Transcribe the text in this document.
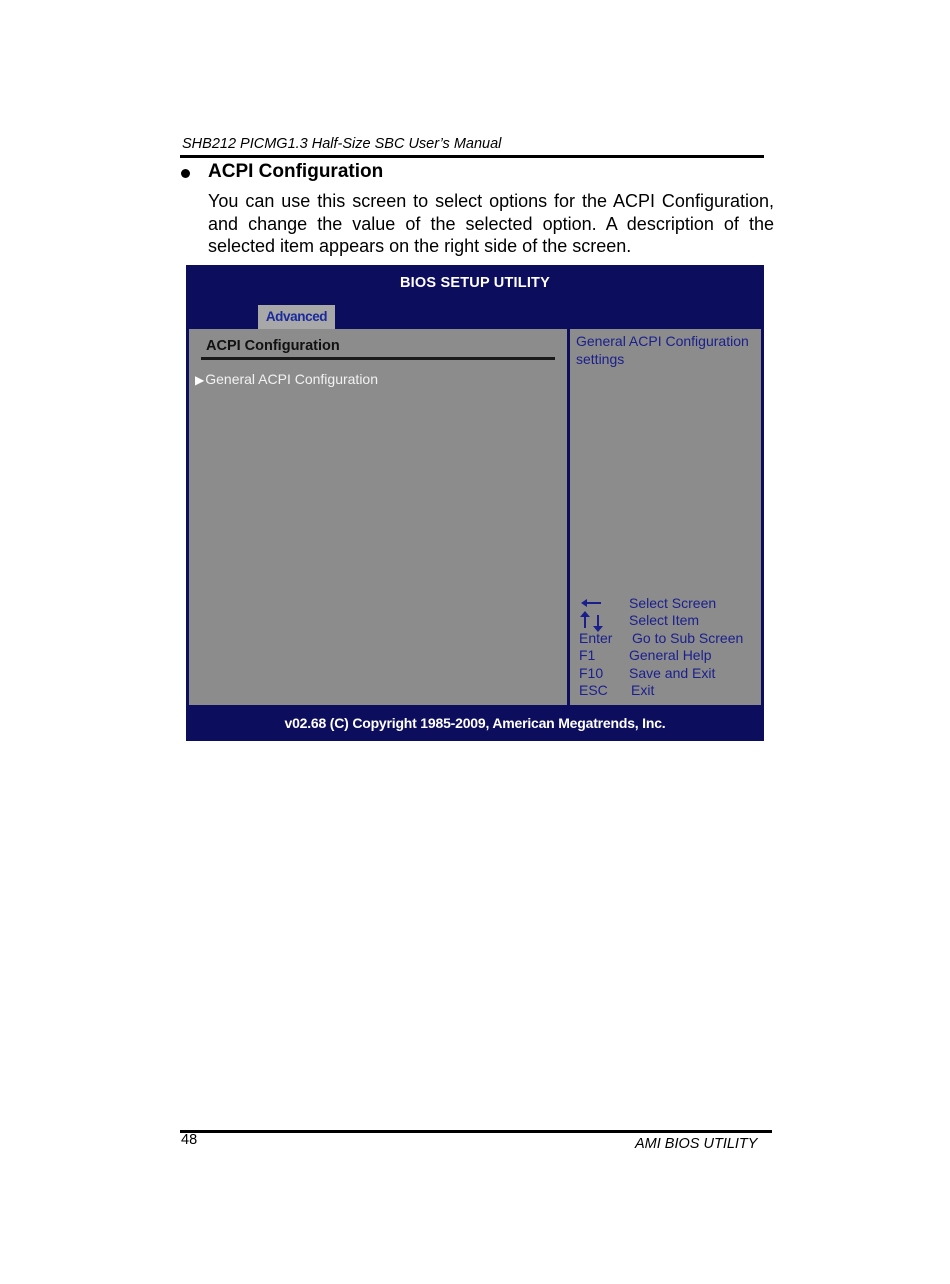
SHB212 PICMG1.3 Half-Size SBC User’s Manual
ACPI Configuration
You can use this screen to select options for the ACPI Configuration, and change the value of the selected option. A description of the selected item appears on the right side of the screen.
BIOS SETUP UTILITY
Advanced
ACPI Configuration
▶General ACPI Configuration
General ACPI Configuration settings
Select Screen
Select Item
Enter Go to Sub Screen
F1 General Help
F10 Save and Exit
ESC Exit
v02.68 (C) Copyright 1985-2009, American Megatrends, Inc.
48	AMI BIOS UTILITY
